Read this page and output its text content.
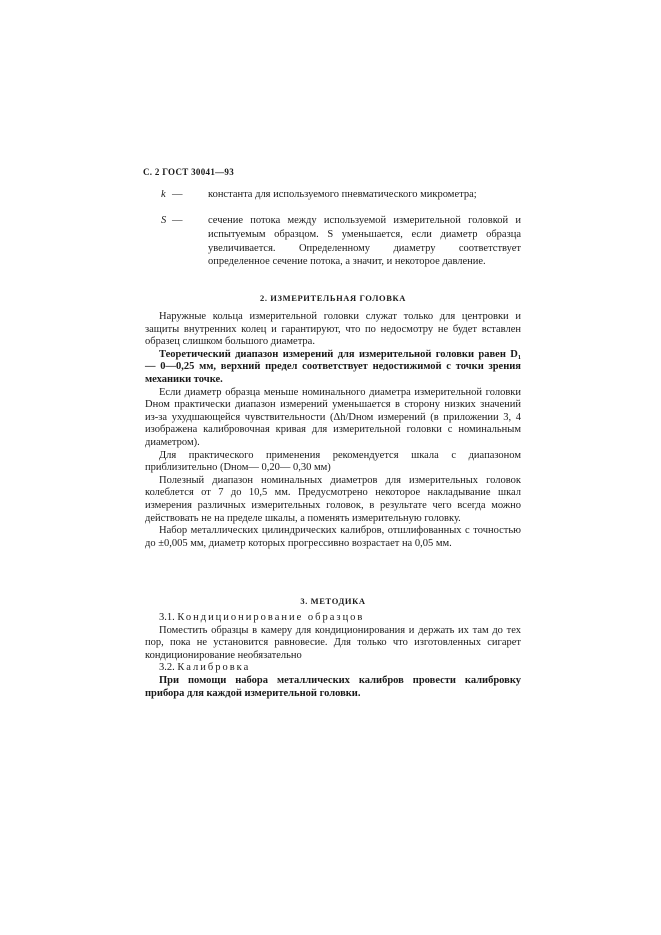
С. 2 ГОСТ 30041—93
k — константа для используемого пневматического микрометра;
S — сечение потока между используемой измерительной головкой и испытуемым образцом. S уменьшается, если диаметр образца увеличивается. Определенному диаметру соответствует определенное сечение потока, а значит, и некоторое давление.
2. ИЗМЕРИТЕЛЬНАЯ ГОЛОВКА

Наружные кольца измерительной головки служат только для центровки и защиты внутренних колец и гарантируют, что по недосмотру не будет вставлен образец слишком большого диаметра.

Теоретический диапазон измерений для измерительной головки равен D₁ — 0—0,25 мм, верхний предел соответствует недостижимой с точки зрения механики точке.

Если диаметр образца меньше номинального диаметра измерительной головки Dном практически диапазон измерений уменьшается в сторону низких значений из-за ухудшающейся чувствительности (Δh/Dном измерений (в приложении 3, 4 изображена калибровочная кривая для измерительной головки с номинальным диаметром).

Для практического применения рекомендуется шкала с диапазоном приблизительно (Dном— 0,20— 0,30 мм)

Полезный диапазон номинальных диаметров для измерительных головок колеблется от 7 до 10,5 мм. Предусмотрено некоторое накладывание шкал измерения различных измерительных головок, в результате чего всегда можно действовать не на пределе шкалы, а поменять измерительную головку.

Набор металлических цилиндрических калибров, отшлифованных с точностью до ±0,005 мм, диаметр которых прогрессивно возрастает на 0,05 мм.

3. МЕТОДИКА

3.1. Кондиционирование образцов

Поместить образцы в камеру для кондиционирования и держать их там до тех пор, пока не установится равновесие. Для только что изготовленных сигарет кондиционирование необязательно

3.2. Калибровка

При помощи набора металлических калибров провести калибровку прибора для каждой измерительной головки.
